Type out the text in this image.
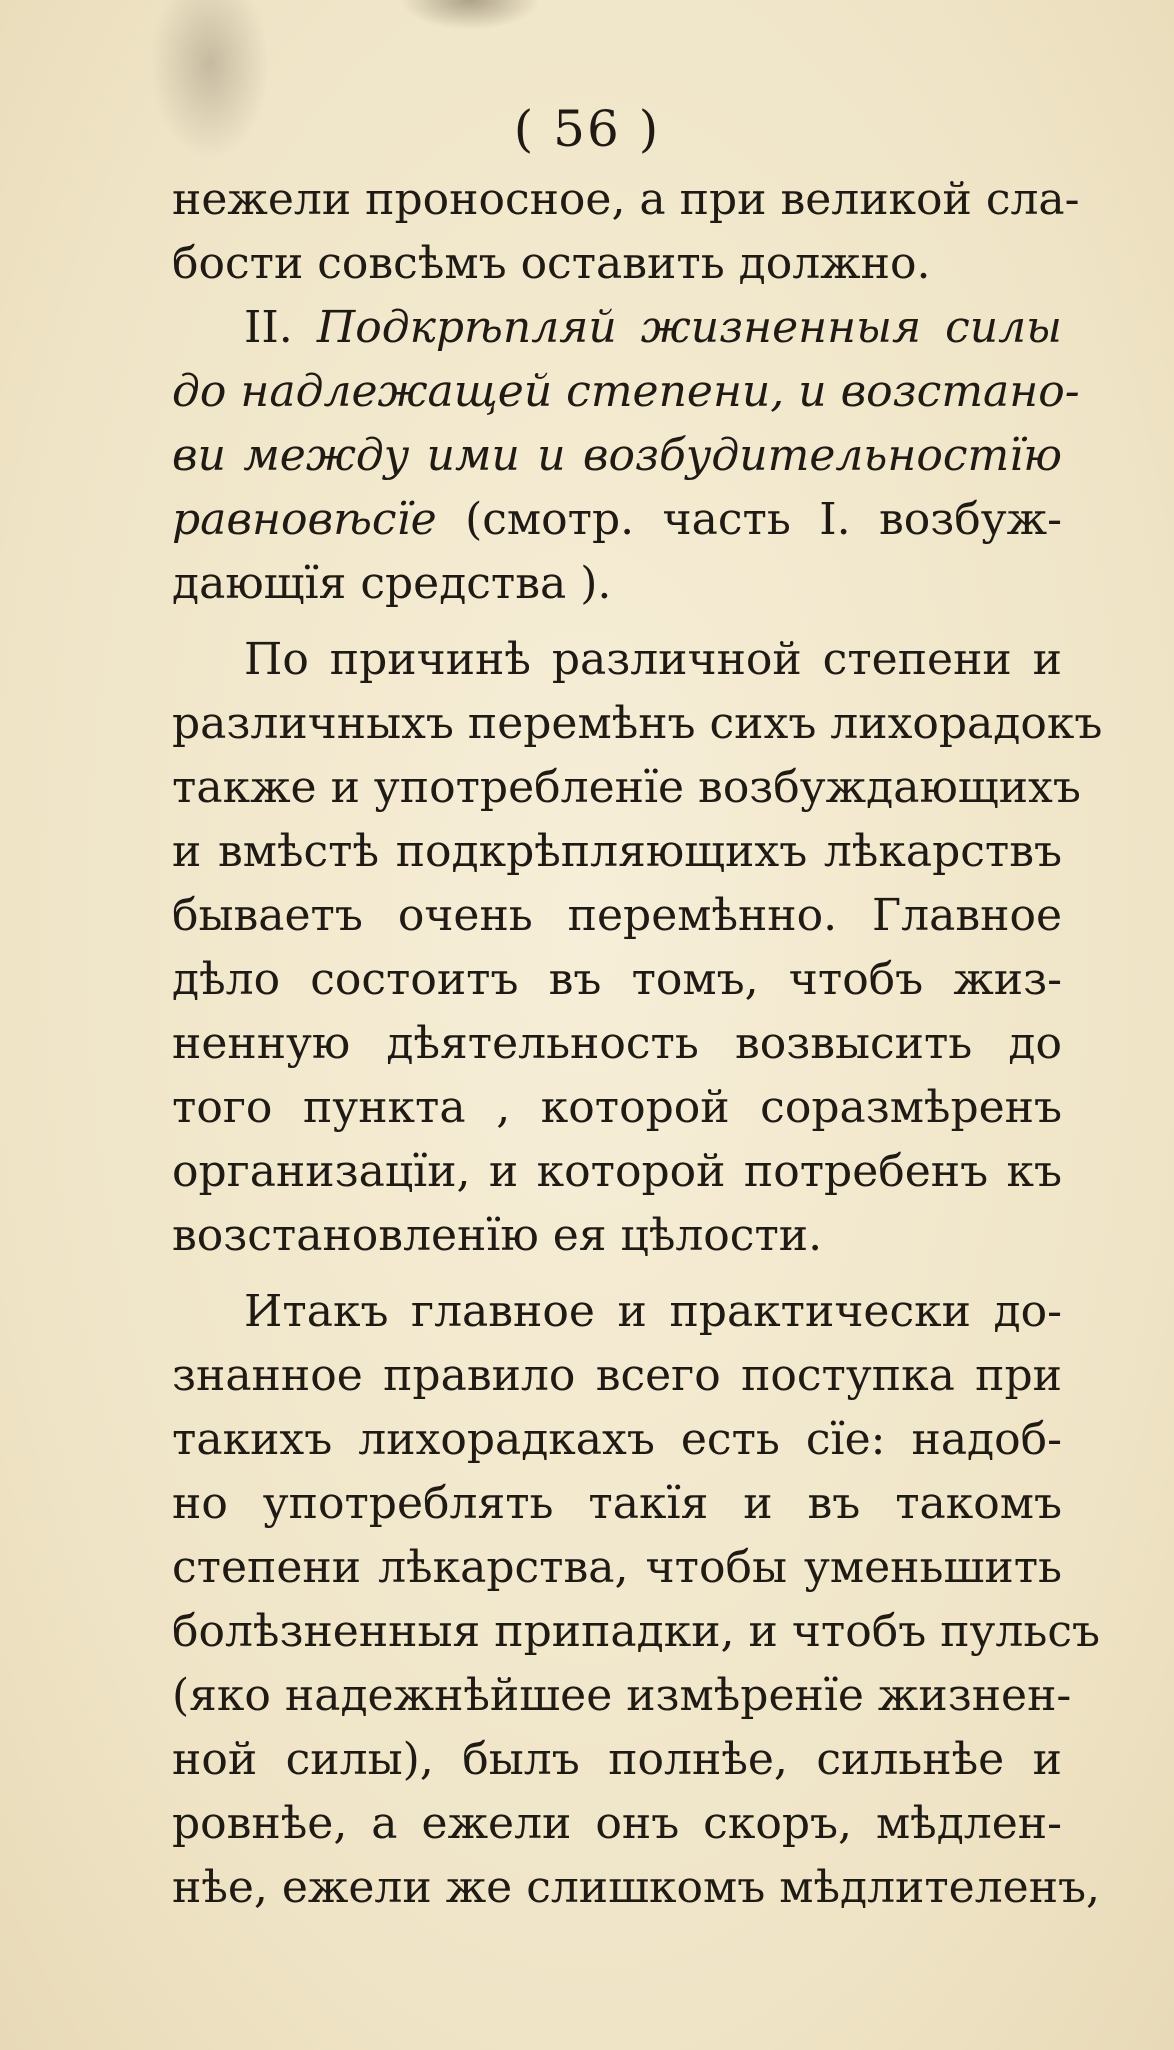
( 56 )
нежели проносное, а при великой сла-
бости совсѣмъ оставить должно.
II. Подкрѣпляй жизненныя силы
до надлежащей степени, и возстано-
ви между ими и возбудительностїю
равновѣсїе (смотр. часть I. возбуж-
дающїя средства ).
По причинѣ различной степени и
различныхъ перемѣнъ сихъ лихорадокъ
также и употребленїе возбуждающихъ
и вмѣстѣ подкрѣпляющихъ лѣкарствъ
бываетъ очень перемѣнно. Главное
дѣло состоитъ въ томъ, чтобъ жиз-
ненную дѣятельность возвысить до
того пункта , которой соразмѣренъ
организацїи, и которой потребенъ къ
возстановленїю ея цѣлости.
Итакъ главное и практически до-
знанное правило всего поступка при
такихъ лихорадкахъ есть сїе: надоб-
но употреблять такїя и въ такомъ
степени лѣкарства, чтобы уменьшить
болѣзненныя припадки, и чтобъ пульсъ
(яко надежнѣйшее измѣренїе жизнен-
ной силы), былъ полнѣе, сильнѣе и
ровнѣе, а ежели онъ скоръ, мѣдлен-
нѣе, ежели же слишкомъ мѣдлителенъ,
